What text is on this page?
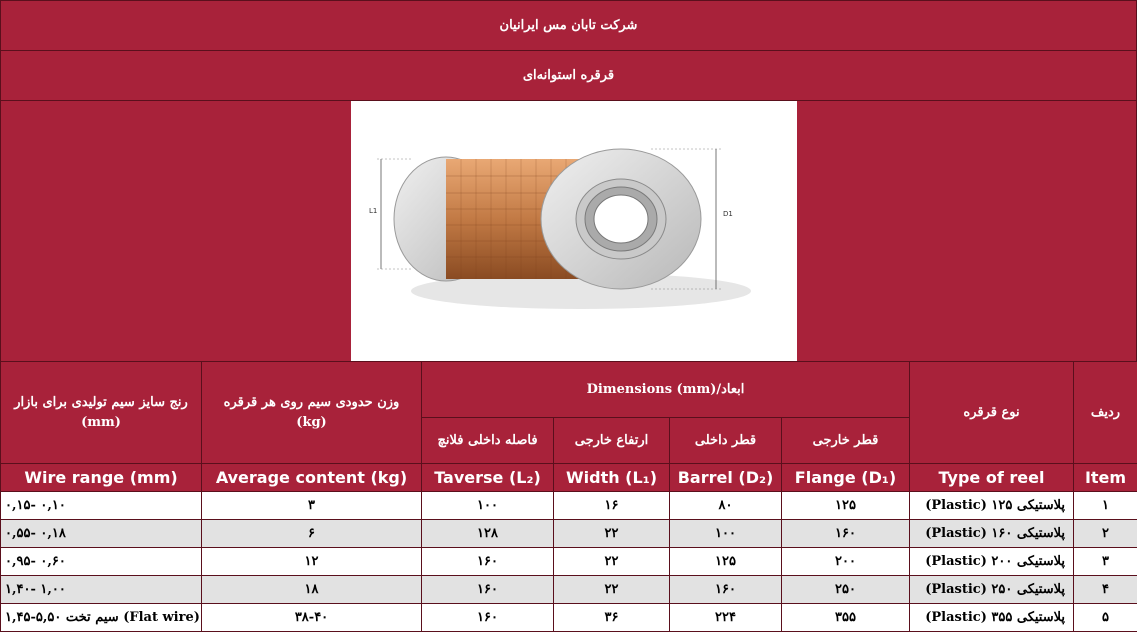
شرکت تابان مس ایرانیان
قرقره استوانه‌ای
L1	D1
ردیف	نوع قرقره	Dimensions (mm)/ابعاد				وزن حدودی سیم روی هر قرقره (kg)	رنج سایز سیم تولیدی برای بازار (mm)
		قطر خارجی	قطر داخلی	ارتفاع خارجی	فاصله داخلی فلانچ		
Item	Type of reel	Flange (D₁)	Barrel (D₂)	Width (L₁)	Taverse (L₂)	Average content (kg)	Wire range (mm)
۱	پلاستیکی ۱۲۵ (Plastic)	۱۲۵	۸۰	۱۶	۱۰۰	۳	۰,۱۰ -۰,۱۵
۲	پلاستیکی ۱۶۰ (Plastic)	۱۶۰	۱۰۰	۲۲	۱۲۸	۶	۰,۱۸ -۰,۵۵
۳	پلاستیکی ۲۰۰ (Plastic)	۲۰۰	۱۲۵	۲۲	۱۶۰	۱۲	۰,۶۰ -۰,۹۵
۴	پلاستیکی ۲۵۰ (Plastic)	۲۵۰	۱۶۰	۲۲	۱۶۰	۱۸	۱,۰۰ -۱,۴۰
۵	پلاستیکی ۳۵۵ (Plastic)	۳۵۵	۲۲۴	۳۶	۱۶۰	۳۸-۴۰	(Flat wire) سیم تخت ۵,۵۰-۱,۴۵
